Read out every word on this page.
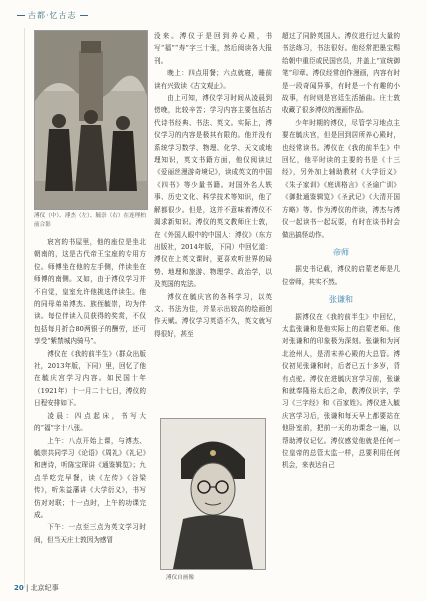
古都·忆古志
溥仪（中）、溥杰（左）、毓崇（右）在连理柏前合影

宸宫的书屋里，他的座位是坐北朝南的，这是古代帝王宝座的专用方位。师傅坐在他的左手侧，伴读坐在师傅的南侧。又如，由于溥仪学习并不自觉，皇室允许他挑选伴读生。他的同母弟弟溥杰、族侄毓崇，均为伴读。每位伴读入员获得的奖赏，不仅包括每月折合80两银子的酬劳，还可享受“紫禁城内骑马”。

溥仪在《我的前半生》（群众出版社，2013年版，下同）里，回忆了他在毓庆宫学习内容。如民国十年（1921年）十一月二十七日，溥仪的日程安排如下。

凌晨：四点起床，书写大的“福”字十八张。

上午：八点开始上课，与溥杰、毓崇共同学习《论语》《周礼》《礼记》和唐诗，听陈宝琛讲《通鉴辑览》；九点半吃完早餐，读《左传》《谷梁传》，听朱益藩讲《大学衍义》，书写仿对对联；十一点时，上午的功课完成。

下午：一点至三点为英文学习时间，但当天庄士敦因为感冒

没来。溥仪于是回到养心殿，书写“福”“寿”字三十张，然后阅读各大报刊。

晚上：四点用餐；六点就寝，睡前读有兴致读《古文观止》。

由上可知，溥仪学习时间从凌晨到傍晚，比较辛苦；学习内容主要包括古代诗书经典、书法、英文。实际上，溥仪学习的内容是极其有限的。他并没有系统学习数学、物理、化学、天文或地理知识，英文书籍方面，他仅阅读过《爱丽丝漫游奇境记》，读成英文的中国《四书》等少量书籍。对国外名人轶事、历史文化、科学技术等知识，他了解都很少。但是，这并不意味着溥仪不渴求新知识。溥仪的英文教师庄士敦，在《外国人眼中的中国人：溥仪》（东方出版社，2014年版，下同）中回忆道：溥仪在上英文课时，更喜欢听世界的局势、地理和旅游、物理学、政治学，以及英国的宪法。

溥仪在毓庆宫的各科学习，以英文、书法为佳，并显示出较高的绘画创作天赋。溥仪学习英语不久，英文就写得很好，甚至

溥仪自画像

超过了同龄英国人。溥仪进行过大量的书法练习，书法很好。他经常把墨宝赐给朝中重臣或民国官员，并盖上“宣统御笔”印章。溥仪经常创作漫画，内容有时是一段奇闻异事，有时是一个有趣的小故事，有时则是宫廷生活插曲。庄士敦收藏了很多溥仪的漫画作品。

少年时期的溥仪，尽管学习地点主要在毓庆宫，但是回到居所养心殿时，也经常读书。溥仪在《我的前半生》中回忆，他平时读的主要的书是《十三经》，另外加上辅助教材《大学衍义》《朱子家训》《庭训格言》《圣谕广训》《御批通鉴辑览》《圣武记》《大清开国方略》等。作为溥仪的伴读，溥杰与溥仪一起读书一起玩耍，有时在谈书时会做出搞怪动作。

帝师

据史书记载，溥仪的启蒙老师是几位帝师，其实不然。

张谦和

据溥仪在《我的前半生》中回忆，太监张谦和是他实际上的启蒙老师。他对张谦和的印象极为深刻。张谦和为河北沧州人，是清末养心殿的大总管。溥仪初见张谦和时，后者已五十多岁，背有点驼。溥仪在进毓庆宫学习前，张谦和就奉隆裕太后之命，教溥仪识字，学习《三字经》和《百家姓》。溥仪进入毓庆宫学习后，张谦和每天早上都要站在他卧室前，把前一天的功课念一遍，以帮助溥仪记忆。溥仪感觉他就是任何一位皇帝的总管太监一样，总要利用任何机会，来表达自己

20 | 北京纪事
